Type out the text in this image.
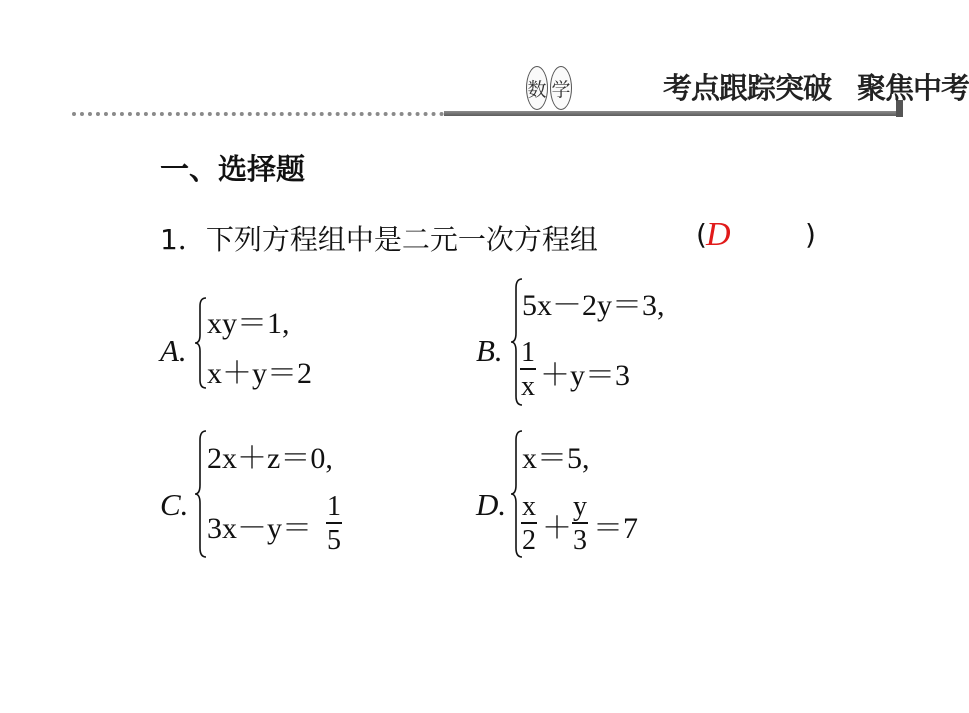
数 学	考点跟踪突破 聚焦中考
一、选择题
1．下列方程组中是二元一次方程组	( D	)
A.
xy＝1,
x＋y＝2
B.
5x－2y＝3,
1
x ＋y＝3
C.
2x＋z＝0,
3x－y＝
1
5
D.
x＝5,
x
2 ＋
y
3 ＝7
